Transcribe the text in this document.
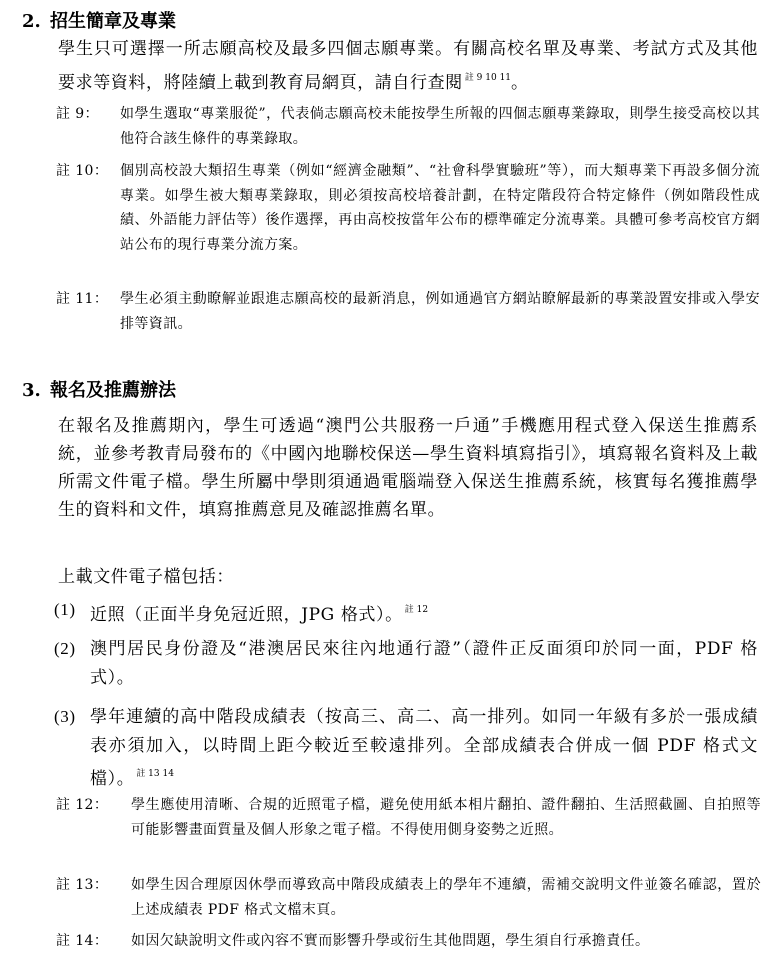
2. 招生簡章及專業

學生只可選擇一所志願高校及最多四個志願專業。有關高校名單及專業、考試方式及其他要求等資料，將陸續上載到教育局網頁，請自行查閱 $^{註 9 10 11}$。

註 9： 如學生選取“專業服從”，代表倘志願高校未能按學生所報的四個志願專業錄取，則學生接受高校以其他符合該生條件的專業錄取。

註 10： 個別高校設大類招生專業（例如“經濟金融類”、“社會科學實驗班”等），而大類專業下再設多個分流專業。如學生被大類專業錄取，則必須按高校培養計劃，在特定階段符合特定條件（例如階段性成績、外語能力評估等）後作選擇，再由高校按當年公布的標準確定分流專業。具體可參考高校官方網站公布的現行專業分流方案。

註 11： 學生必須主動瞭解並跟進志願高校的最新消息，例如通過官方網站瞭解最新的專業設置安排或入學安排等資訊。

3. 報名及推薦辦法

在報名及推薦期內，學生可透過“澳門公共服務一戶通”手機應用程式登入保送生推薦系統，並參考教青局發布的《中國內地聯校保送—學生資料填寫指引》，填寫報名資料及上載所需文件電子檔。學生所屬中學則須通過電腦端登入保送生推薦系統，核實每名獲推薦學生的資料和文件，填寫推薦意見及確認推薦名單。

上載文件電子檔包括：
(1) 近照（正面半身免冠近照，JPG 格式）。 $^{註 12}$

(2) 澳門居民身份證及“港澳居民來往內地通行證”（證件正反面須印於同一面，PDF 格式）。

(3) 學年連續的高中階段成績表（按高三、高二、高一排列。如同一年級有多於一張成績表亦須加入，以時間上距今較近至較遠排列。全部成績表合併成一個 PDF 格式文檔）。 $^{註 13 14}$

註 12： 學生應使用清晰、合規的近照電子檔，避免使用紙本相片翻拍、證件翻拍、生活照截圖、自拍照等可能影響畫面質量及個人形象之電子檔。不得使用側身姿勢之近照。

註 13： 如學生因合理原因休學而導致高中階段成績表上的學年不連續，需補交說明文件並簽名確認，置於上述成績表 PDF 格式文檔末頁。

註 14： 如因欠缺說明文件或內容不實而影響升學或衍生其他問題，學生須自行承擔責任。
